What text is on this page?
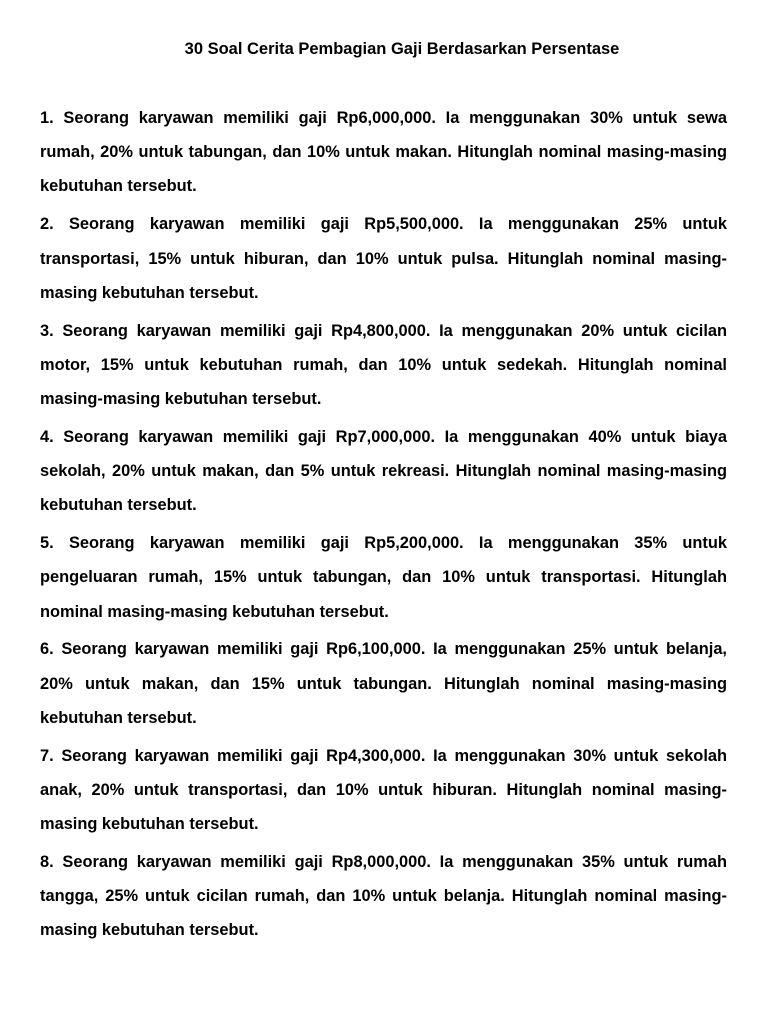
30 Soal Cerita Pembagian Gaji Berdasarkan Persentase
1. Seorang karyawan memiliki gaji Rp6,000,000. Ia menggunakan 30% untuk sewa rumah, 20% untuk tabungan, dan 10% untuk makan. Hitunglah nominal masing-masing kebutuhan tersebut.
2. Seorang karyawan memiliki gaji Rp5,500,000. Ia menggunakan 25% untuk transportasi, 15% untuk hiburan, dan 10% untuk pulsa. Hitunglah nominal masing-masing kebutuhan tersebut.
3. Seorang karyawan memiliki gaji Rp4,800,000. Ia menggunakan 20% untuk cicilan motor, 15% untuk kebutuhan rumah, dan 10% untuk sedekah. Hitunglah nominal masing-masing kebutuhan tersebut.
4. Seorang karyawan memiliki gaji Rp7,000,000. Ia menggunakan 40% untuk biaya sekolah, 20% untuk makan, dan 5% untuk rekreasi. Hitunglah nominal masing-masing kebutuhan tersebut.
5. Seorang karyawan memiliki gaji Rp5,200,000. Ia menggunakan 35% untuk pengeluaran rumah, 15% untuk tabungan, dan 10% untuk transportasi. Hitunglah nominal masing-masing kebutuhan tersebut.
6. Seorang karyawan memiliki gaji Rp6,100,000. Ia menggunakan 25% untuk belanja, 20% untuk makan, dan 15% untuk tabungan. Hitunglah nominal masing-masing kebutuhan tersebut.
7. Seorang karyawan memiliki gaji Rp4,300,000. Ia menggunakan 30% untuk sekolah anak, 20% untuk transportasi, dan 10% untuk hiburan. Hitunglah nominal masing-masing kebutuhan tersebut.
8. Seorang karyawan memiliki gaji Rp8,000,000. Ia menggunakan 35% untuk rumah tangga, 25% untuk cicilan rumah, dan 10% untuk belanja. Hitunglah nominal masing-masing kebutuhan tersebut.
